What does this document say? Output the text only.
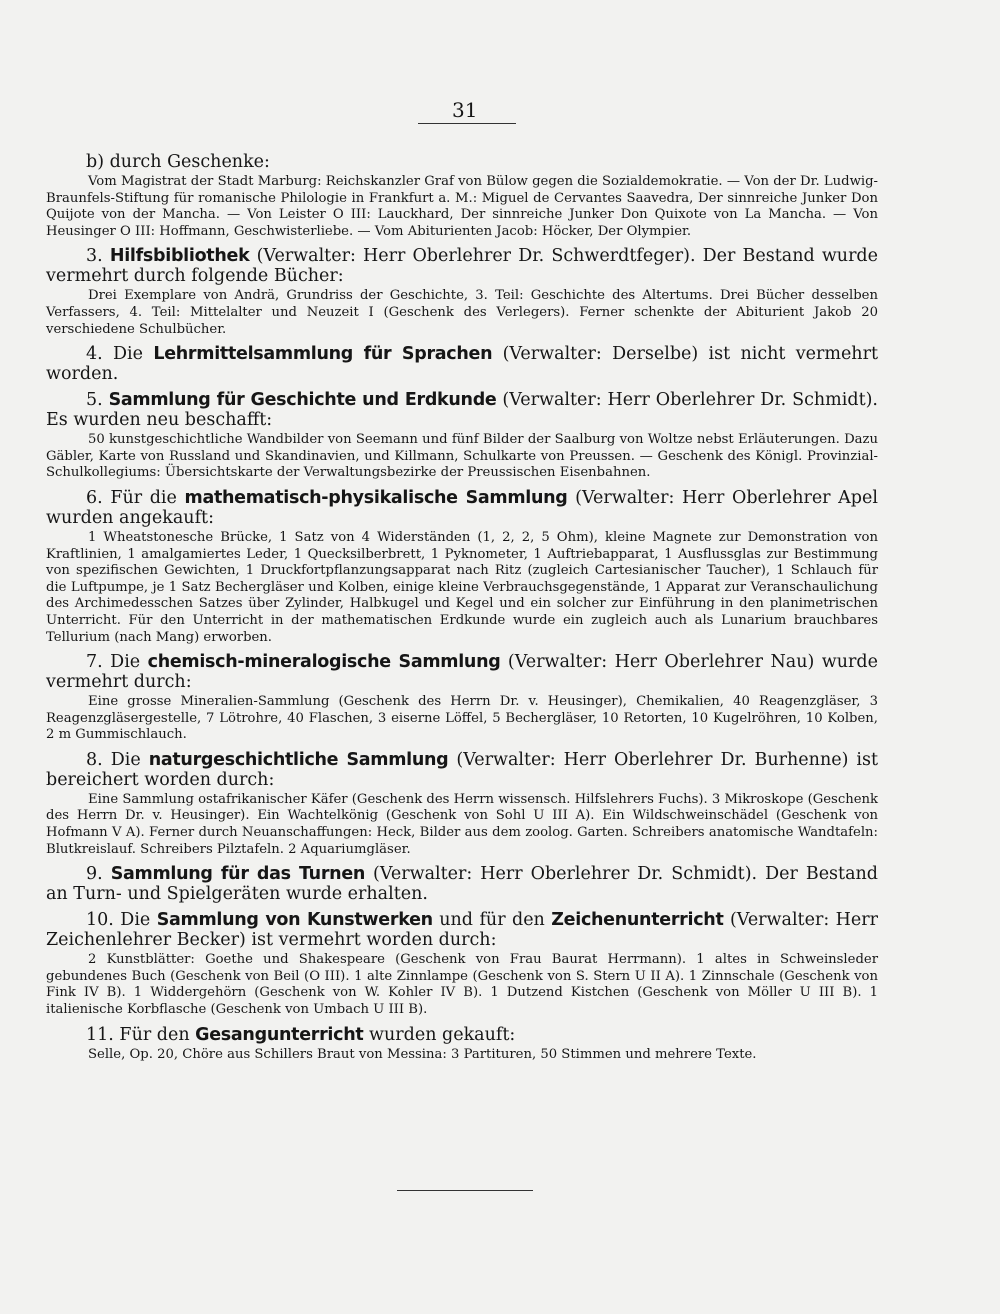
31

b) durch Geschenke:

Vom Magistrat der Stadt Marburg: Reichskanzler Graf von Bülow gegen die Sozialdemokratie. — Von der Dr. Ludwig-Braunfels-Stiftung für romanische Philologie in Frankfurt a. M.: Miguel de Cervantes Saavedra, Der sinnreiche Junker Don Quijote von der Mancha. — Von Leister O III: Lauckhard, Der sinnreiche Junker Don Quixote von La Mancha. — Von Heusinger O III: Hoffmann, Geschwisterliebe. — Vom Abiturienten Jacob: Höcker, Der Olympier.

3. Hilfsbibliothek (Verwalter: Herr Oberlehrer Dr. Schwerdtfeger). Der Bestand wurde vermehrt durch folgende Bücher:

Drei Exemplare von Andrä, Grundriss der Geschichte, 3. Teil: Geschichte des Altertums. Drei Bücher desselben Verfassers, 4. Teil: Mittelalter und Neuzeit I (Geschenk des Verlegers). Ferner schenkte der Abiturient Jakob 20 verschiedene Schulbücher.

4. Die Lehrmittelsammlung für Sprachen (Verwalter: Derselbe) ist nicht vermehrt worden.

5. Sammlung für Geschichte und Erdkunde (Verwalter: Herr Oberlehrer Dr. Schmidt). Es wurden neu beschafft:

50 kunstgeschichtliche Wandbilder von Seemann und fünf Bilder der Saalburg von Woltze nebst Erläuterungen. Dazu Gäbler, Karte von Russland und Skandinavien, und Killmann, Schulkarte von Preussen. — Geschenk des Königl. Provinzial-Schulkollegiums: Übersichtskarte der Verwaltungsbezirke der Preussischen Eisenbahnen.

6. Für die mathematisch-physikalische Sammlung (Verwalter: Herr Oberlehrer Apel wurden angekauft:

1 Wheatstonesche Brücke, 1 Satz von 4 Widerständen (1, 2, 2, 5 Ohm), kleine Magnete zur Demonstration von Kraftlinien, 1 amalgamiertes Leder, 1 Quecksilberbrett, 1 Pyknometer, 1 Auftriebapparat, 1 Ausflussglas zur Bestimmung von spezifischen Gewichten, 1 Druckfortpflanzungsapparat nach Ritz (zugleich Cartesianischer Taucher), 1 Schlauch für die Luftpumpe, je 1 Satz Bechergläser und Kolben, einige kleine Verbrauchsgegenstände, 1 Apparat zur Veranschaulichung des Archimedesschen Satzes über Zylinder, Halbkugel und Kegel und ein solcher zur Einführung in den planimetrischen Unterricht. Für den Unterricht in der mathematischen Erdkunde wurde ein zugleich auch als Lunarium brauchbares Tellurium (nach Mang) erworben.

7. Die chemisch-mineralogische Sammlung (Verwalter: Herr Oberlehrer Nau) wurde vermehrt durch:

Eine grosse Mineralien-Sammlung (Geschenk des Herrn Dr. v. Heusinger), Chemikalien, 40 Reagenzgläser, 3 Reagenzgläsergestelle, 7 Lötrohre, 40 Flaschen, 3 eiserne Löffel, 5 Bechergläser, 10 Retorten, 10 Kugelröhren, 10 Kolben, 2 m Gummischlauch.

8. Die naturgeschichtliche Sammlung (Verwalter: Herr Oberlehrer Dr. Burhenne) ist bereichert worden durch:

Eine Sammlung ostafrikanischer Käfer (Geschenk des Herrn wissensch. Hilfslehrers Fuchs). 3 Mikroskope (Geschenk des Herrn Dr. v. Heusinger). Ein Wachtelkönig (Geschenk von Sohl U III A). Ein Wildschweinschädel (Geschenk von Hofmann V A). Ferner durch Neuanschaffungen: Heck, Bilder aus dem zoolog. Garten. Schreibers anatomische Wandtafeln: Blutkreislauf. Schreibers Pilztafeln. 2 Aquariumgläser.

9. Sammlung für das Turnen (Verwalter: Herr Oberlehrer Dr. Schmidt). Der Bestand an Turn- und Spielgeräten wurde erhalten.

10. Die Sammlung von Kunstwerken und für den Zeichenunterricht (Verwalter: Herr Zeichenlehrer Becker) ist vermehrt worden durch:

2 Kunstblätter: Goethe und Shakespeare (Geschenk von Frau Baurat Herrmann). 1 altes in Schweinsleder gebundenes Buch (Geschenk von Beil (O III). 1 alte Zinnlampe (Geschenk von S. Stern U II A). 1 Zinnschale (Geschenk von Fink IV B). 1 Widdergehörn (Geschenk von W. Kohler IV B). 1 Dutzend Kistchen (Geschenk von Möller U III B). 1 italienische Korbflasche (Geschenk von Umbach U III B).

11. Für den Gesangunterricht wurden gekauft:

Selle, Op. 20, Chöre aus Schillers Braut von Messina: 3 Partituren, 50 Stimmen und mehrere Texte.
